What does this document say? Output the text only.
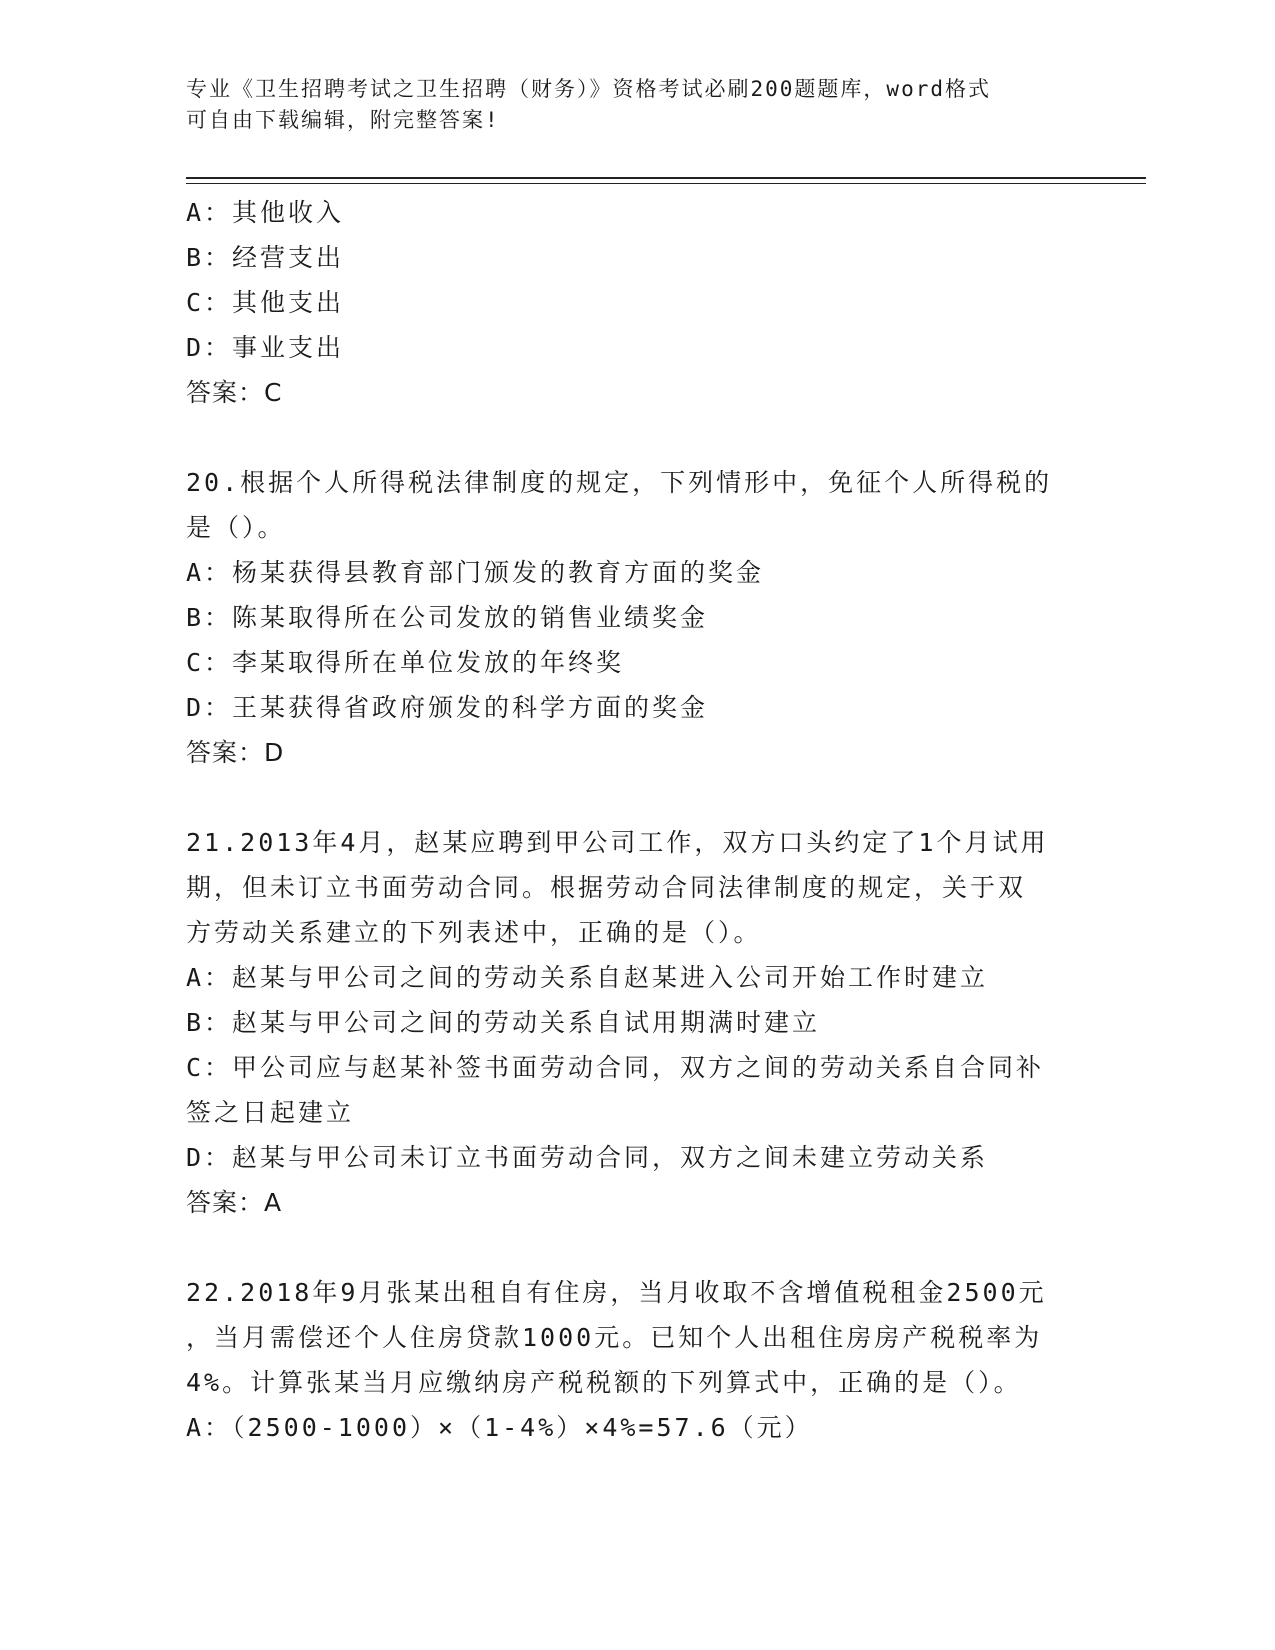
专业《卫生招聘考试之卫生招聘（财务）》资格考试必刷200题题库，word格式
可自由下载编辑，附完整答案!
A：其他收入
B：经营支出
C：其他支出
D：事业支出
答案：C
20.根据个人所得税法律制度的规定，下列情形中，免征个人所得税的
是（）。
A：杨某获得县教育部门颁发的教育方面的奖金
B：陈某取得所在公司发放的销售业绩奖金
C：李某取得所在单位发放的年终奖
D：王某获得省政府颁发的科学方面的奖金
答案：D
21.2013年4月，赵某应聘到甲公司工作，双方口头约定了1个月试用
期，但未订立书面劳动合同。根据劳动合同法律制度的规定，关于双
方劳动关系建立的下列表述中，正确的是（）。
A：赵某与甲公司之间的劳动关系自赵某进入公司开始工作时建立
B：赵某与甲公司之间的劳动关系自试用期满时建立
C：甲公司应与赵某补签书面劳动合同，双方之间的劳动关系自合同补
签之日起建立
D：赵某与甲公司未订立书面劳动合同，双方之间未建立劳动关系
答案：A
22.2018年9月张某出租自有住房，当月收取不含增值税租金2500元
，当月需偿还个人住房贷款1000元。已知个人出租住房房产税税率为
4%。计算张某当月应缴纳房产税税额的下列算式中，正确的是（）。
A：（2500-1000）×（1-4%）×4%=57.6（元）
